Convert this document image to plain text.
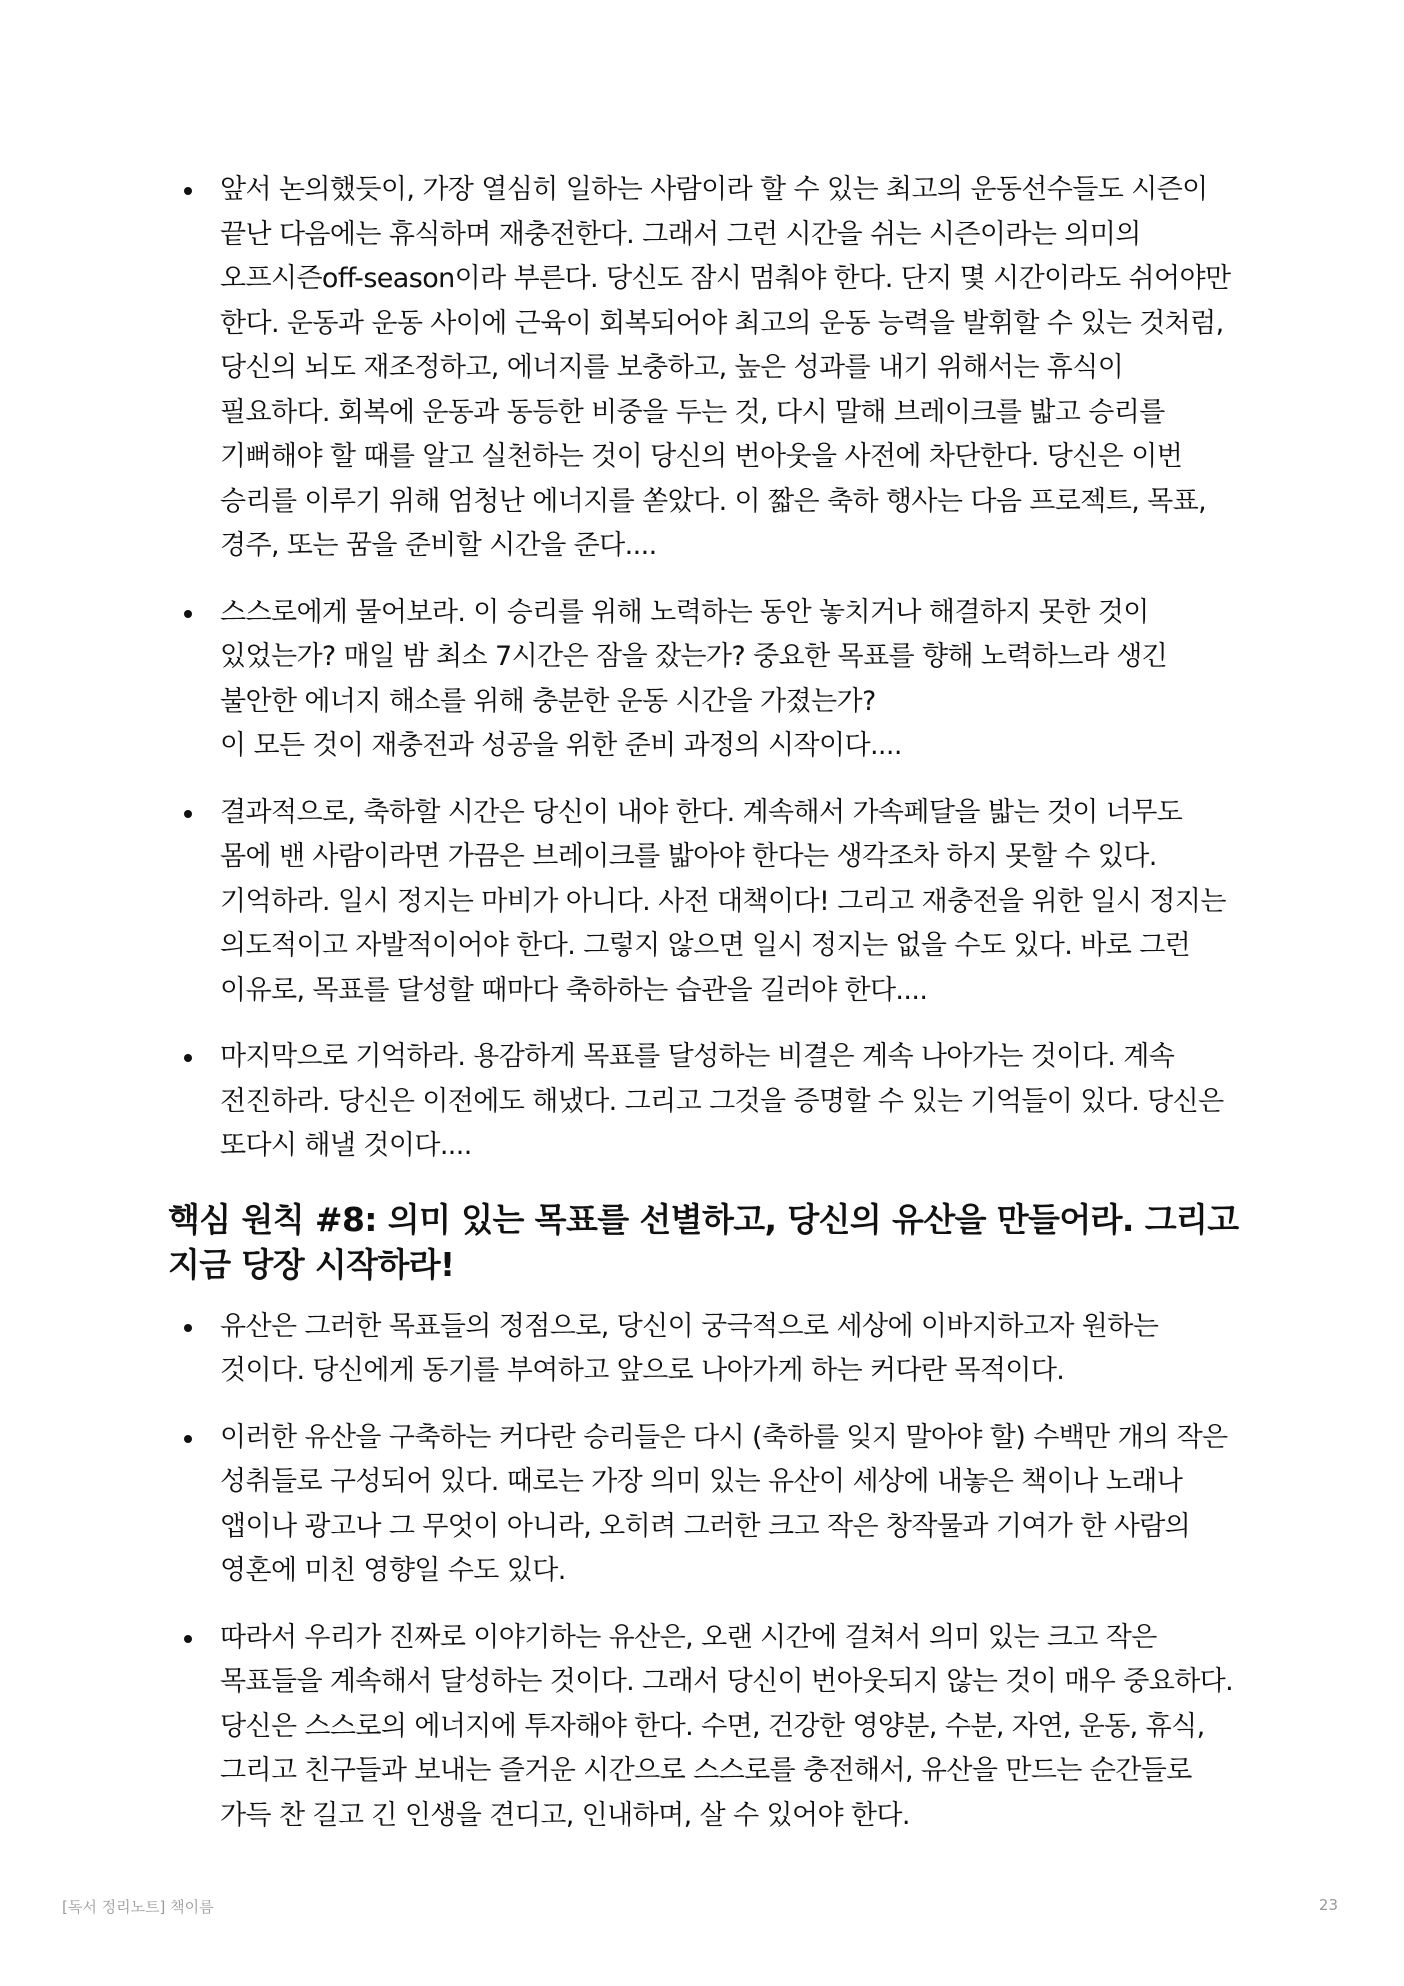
앞서 논의했듯이, 가장 열심히 일하는 사람이라 할 수 있는 최고의 운동선수들도 시즌이 끝난 다음에는 휴식하며 재충전한다. 그래서 그런 시간을 쉬는 시즌이라는 의미의 오프시즌off-season이라 부른다. 당신도 잠시 멈춰야 한다. 단지 몇 시간이라도 쉬어야만 한다. 운동과 운동 사이에 근육이 회복되어야 최고의 운동 능력을 발휘할 수 있는 것처럼, 당신의 뇌도 재조정하고, 에너지를 보충하고, 높은 성과를 내기 위해서는 휴식이 필요하다. 회복에 운동과 동등한 비중을 두는 것, 다시 말해 브레이크를 밟고 승리를 기뻐해야 할 때를 알고 실천하는 것이 당신의 번아웃을 사전에 차단한다. 당신은 이번 승리를 이루기 위해 엄청난 에너지를 쏟았다. 이 짧은 축하 행사는 다음 프로젝트, 목표, 경주, 또는 꿈을 준비할 시간을 준다....
스스로에게 물어보라. 이 승리를 위해 노력하는 동안 놓치거나 해결하지 못한 것이 있었는가? 매일 밤 최소 7시간은 잠을 잤는가? 중요한 목표를 향해 노력하느라 생긴 불안한 에너지 해소를 위해 충분한 운동 시간을 가졌는가?
이 모든 것이 재충전과 성공을 위한 준비 과정의 시작이다....
결과적으로, 축하할 시간은 당신이 내야 한다. 계속해서 가속페달을 밟는 것이 너무도 몸에 밴 사람이라면 가끔은 브레이크를 밟아야 한다는 생각조차 하지 못할 수 있다. 기억하라. 일시 정지는 마비가 아니다. 사전 대책이다! 그리고 재충전을 위한 일시 정지는 의도적이고 자발적이어야 한다. 그렇지 않으면 일시 정지는 없을 수도 있다. 바로 그런 이유로, 목표를 달성할 때마다 축하하는 습관을 길러야 한다....
마지막으로 기억하라. 용감하게 목표를 달성하는 비결은 계속 나아가는 것이다. 계속 전진하라. 당신은 이전에도 해냈다. 그리고 그것을 증명할 수 있는 기억들이 있다. 당신은 또다시 해낼 것이다....
핵심 원칙 #8: 의미 있는 목표를 선별하고, 당신의 유산을 만들어라. 그리고 지금 당장 시작하라!
유산은 그러한 목표들의 정점으로, 당신이 궁극적으로 세상에 이바지하고자 원하는 것이다. 당신에게 동기를 부여하고 앞으로 나아가게 하는 커다란 목적이다.
이러한 유산을 구축하는 커다란 승리들은 다시 (축하를 잊지 말아야 할) 수백만 개의 작은 성취들로 구성되어 있다. 때로는 가장 의미 있는 유산이 세상에 내놓은 책이나 노래나 앱이나 광고나 그 무엇이 아니라, 오히려 그러한 크고 작은 창작물과 기여가 한 사람의 영혼에 미친 영향일 수도 있다.
따라서 우리가 진짜로 이야기하는 유산은, 오랜 시간에 걸쳐서 의미 있는 크고 작은 목표들을 계속해서 달성하는 것이다. 그래서 당신이 번아웃되지 않는 것이 매우 중요하다. 당신은 스스로의 에너지에 투자해야 한다. 수면, 건강한 영양분, 수분, 자연, 운동, 휴식, 그리고 친구들과 보내는 즐거운 시간으로 스스로를 충전해서, 유산을 만드는 순간들로 가득 찬 길고 긴 인생을 견디고, 인내하며, 살 수 있어야 한다.
[독서 정리노트] 책이름	23
